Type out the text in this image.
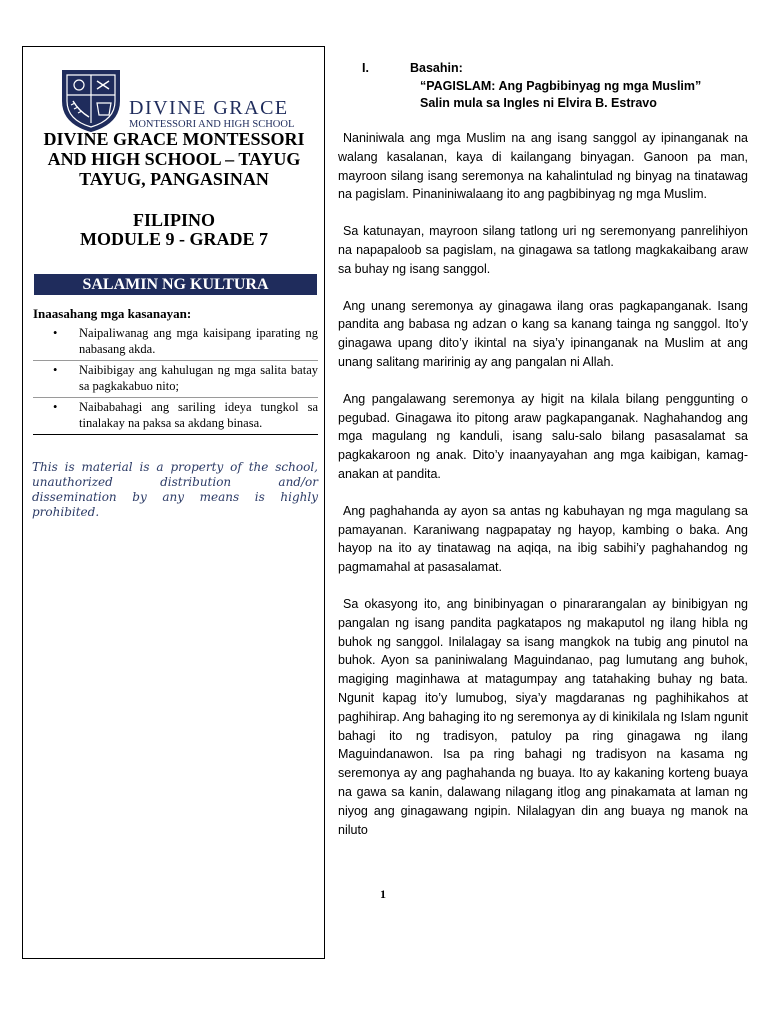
DIVINE GRACE
MONTESSORI AND HIGH SCHOOL
DIVINE GRACE MONTESSORI
AND HIGH SCHOOL – TAYUG
TAYUG, PANGASINAN
FILIPINO
MODULE 9 - GRADE 7
SALAMIN NG KULTURA
Inaasahang mga kasanayan:
• Naipaliwanag ang mga kaisipang iparating ng nabasang akda.
• Naibibigay ang kahulugan ng mga salita batay sa pagkakabuo nito;
• Naibabahagi ang sariling ideya tungkol sa tinalakay na paksa sa akdang binasa.

This is material is a property of the school, unauthorized distribution and/or dissemination by any means is highly prohibited.

I.	Basahin:

“PAGISLAM: Ang Pagbibinyag ng mga Muslim”

Salin mula sa Ingles ni Elvira B. Estravo

Naniniwala ang mga Muslim na ang isang sanggol ay ipinanganak na walang kasalanan, kaya di kailangang binyagan. Ganoon pa man, mayroon silang isang seremonya na kahalintulad ng binyag na tinatawag na pagislam. Pinaniniwalaang ito ang pagbibinyag ng mga Muslim.

Sa katunayan, mayroon silang tatlong uri ng seremonyang panrelihiyon na napapaloob sa pagislam, na ginagawa sa tatlong magkakaibang araw sa buhay ng isang sanggol.

Ang unang seremonya ay ginagawa ilang oras pagkapanganak. Isang pandita ang babasa ng adzan o kang sa kanang tainga ng sanggol. Ito’y ginagawa upang dito’y ikintal na siya’y ipinanganak na Muslim at ang unang salitang maririnig ay ang pangalan ni Allah.

Ang pangalawang seremonya ay higit na kilala bilang penggunting o pegubad. Ginagawa ito pitong araw pagkapanganak. Naghahandog ang mga magulang ng kanduli, isang salu-salo bilang pasasalamat sa pagkakaroon ng anak. Dito’y inaanyayahan ang mga kaibigan, kamag-anakan at pandita.

Ang paghahanda ay ayon sa antas ng kabuhayan ng mga magulang sa pamayanan. Karaniwang nagpapatay ng hayop, kambing o baka. Ang hayop na ito ay tinatawag na aqiqa, na ibig sabihi’y paghahandog ng pagmamahal at pasasalamat.

Sa okasyong ito, ang binibinyagan o pinararangalan ay binibigyan ng pangalan ng isang pandita pagkatapos ng makaputol ng ilang hibla ng buhok ng sanggol. Inilalagay sa isang mangkok na tubig ang pinutol na buhok. Ayon sa paniniwalang Maguindanao, pag lumutang ang buhok, magiging maginhawa at matagumpay ang tatahaking buhay ng bata. Ngunit kapag ito’y lumubog, siya’y magdaranas ng paghihikahos at paghihirap. Ang bahaging ito ng seremonya ay di kinikilala ng Islam ngunit bahagi ito ng tradisyon, patuloy pa ring ginagawa ng ilang Maguindanawon. Isa pa ring bahagi ng tradisyon na kasama ng seremonya ay ang paghahanda ng buaya. Ito ay kakaning korteng buaya na gawa sa kanin, dalawang nilagang itlog ang pinakamata at laman ng niyog ang ginagawang ngipin. Nilalagyan din ang buaya ng manok na niluto

1
